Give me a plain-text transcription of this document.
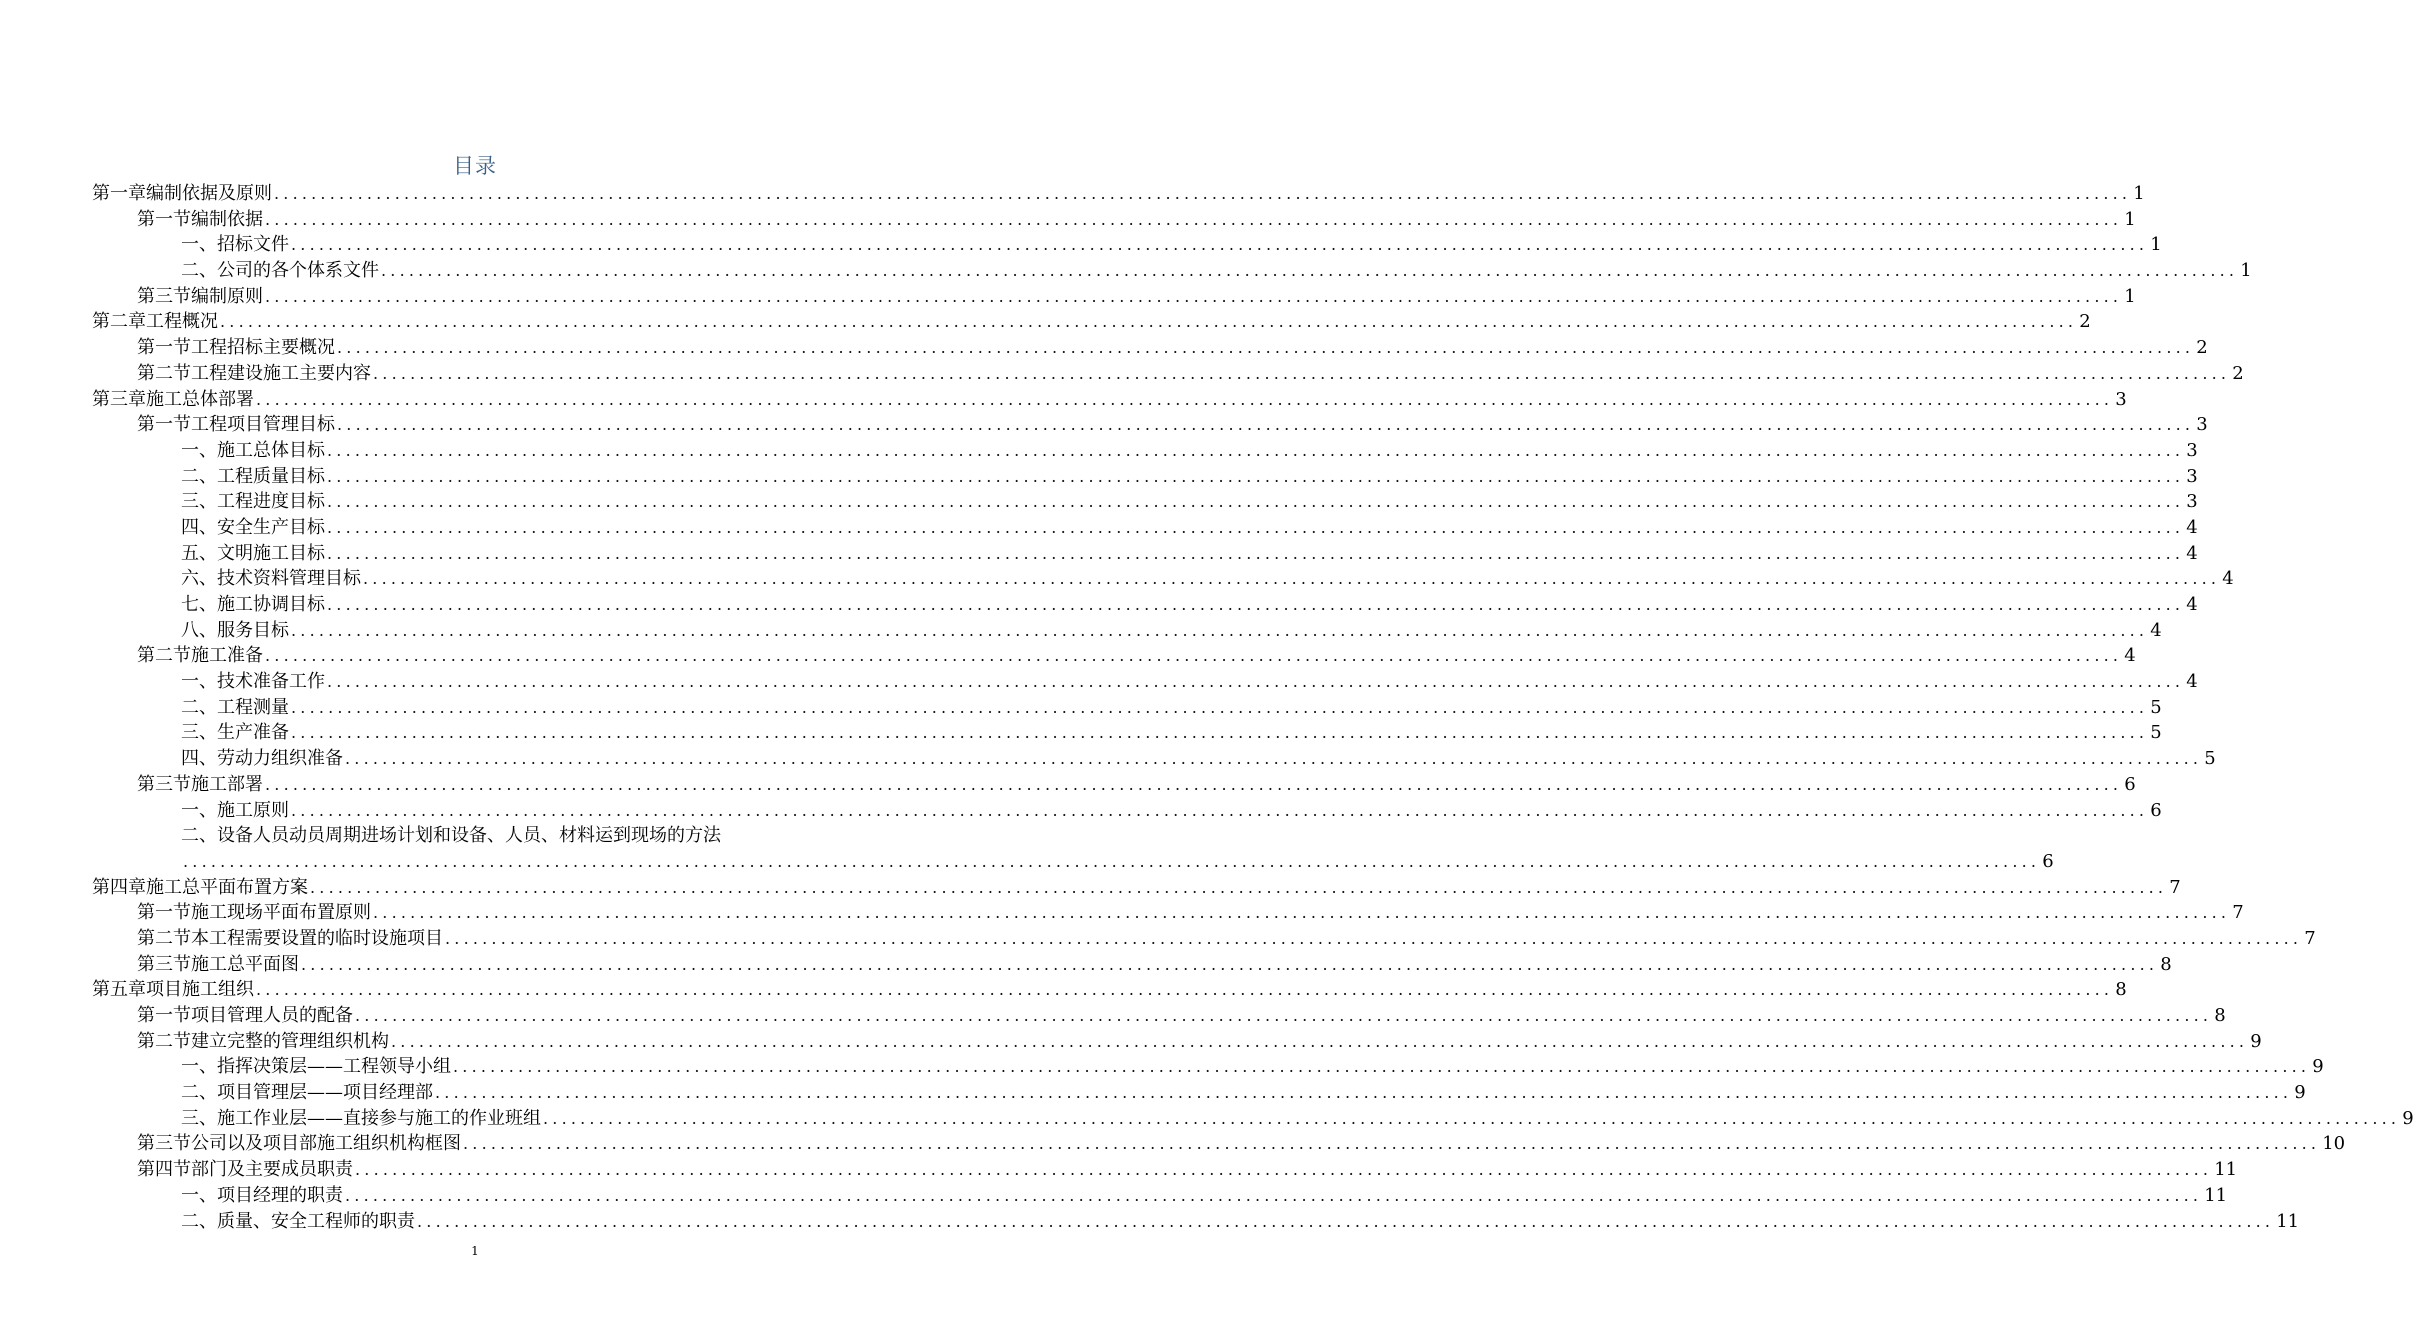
目录
第一章 编制依据及原则 ........................................................................................................................................................................................................ 1
第一节 编制依据 ........................................................................................................................................................................................................ 1
一、招标文件 ........................................................................................................................................................................................................ 1
二、公司的各个体系文件 ........................................................................................................................................................................................................ 1
第三节 编制原则 ........................................................................................................................................................................................................ 1
第二章 工程概况 ........................................................................................................................................................................................................ 2
第一节 工程招标主要概况 ........................................................................................................................................................................................................ 2
第二节 工程建设施工主要内容 ........................................................................................................................................................................................................ 2
第三章 施工总体部署 ........................................................................................................................................................................................................ 3
第一节 工程项目管理目标 ........................................................................................................................................................................................................ 3
一、施工总体目标 ........................................................................................................................................................................................................ 3
二、工程质量目标 ........................................................................................................................................................................................................ 3
三、工程进度目标 ........................................................................................................................................................................................................ 3
四、安全生产目标 ........................................................................................................................................................................................................ 4
五、文明施工目标 ........................................................................................................................................................................................................ 4
六、技术资料管理目标 ........................................................................................................................................................................................................ 4
七、施工协调目标 ........................................................................................................................................................................................................ 4
八、服务目标 ........................................................................................................................................................................................................ 4
第二节 施工准备 ........................................................................................................................................................................................................ 4
一、技术准备工作 ........................................................................................................................................................................................................ 4
二、工程测量 ........................................................................................................................................................................................................ 5
三、生产准备 ........................................................................................................................................................................................................ 5
四、劳动力组织准备 ........................................................................................................................................................................................................ 5
第三节 施工部署 ........................................................................................................................................................................................................ 6
一、施工原则 ........................................................................................................................................................................................................ 6
二、设备人员动员周期进场计划和设备、人员、材料运到现场的方法
........................................................................................................................................................................................................ 6
第四章 施工总平面布置方案 ........................................................................................................................................................................................................ 7
第一节 施工现场平面布置原则 ........................................................................................................................................................................................................ 7
第二节 本工程需要设置的临时设施项目 ........................................................................................................................................................................................................ 7
第三节 施工总平面图 ........................................................................................................................................................................................................ 8
第五章 项目施工组织 ........................................................................................................................................................................................................ 8
第一节 项目管理人员的配备 ........................................................................................................................................................................................................ 8
第二节 建立完整的管理组织机构 ........................................................................................................................................................................................................ 9
一、指挥决策层——工程领导小组 ........................................................................................................................................................................................................ 9
二、项目管理层——项目经理部 ........................................................................................................................................................................................................ 9
三、施工作业层——直接参与施工的作业班组 ........................................................................................................................................................................................................ 9
第三节 公司以及项目部施工组织机构框图 ........................................................................................................................................................................................................ 10
第四节 部门及主要成员职责 ........................................................................................................................................................................................................ 11
一、项目经理的职责 ........................................................................................................................................................................................................ 11
二、质量、安全工程师的职责 ........................................................................................................................................................................................................ 11
1
